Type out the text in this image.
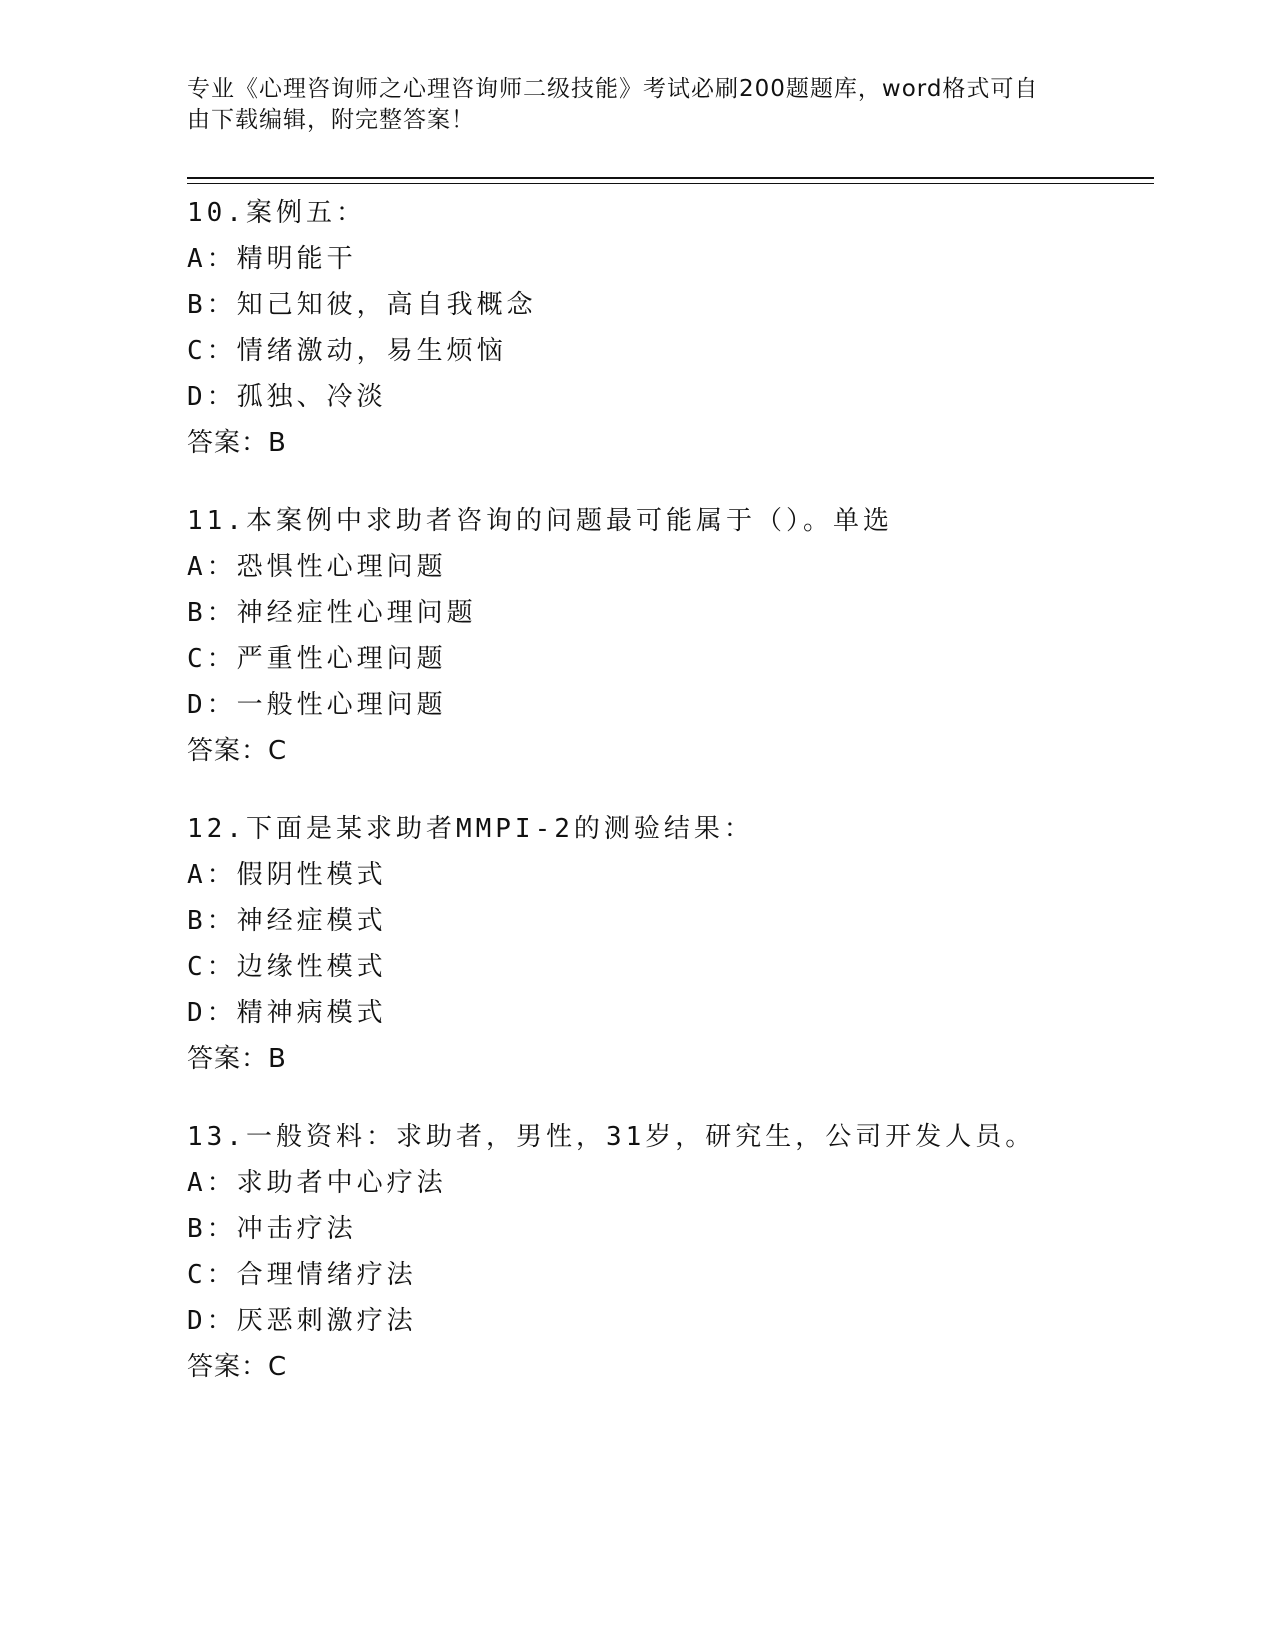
专业《心理咨询师之心理咨询师二级技能》考试必刷200题题库，word格式可自
由下载编辑，附完整答案！
10.案例五：
A：精明能干
B：知己知彼，高自我概念
C：情绪激动，易生烦恼
D：孤独、冷淡
答案：B
11.本案例中求助者咨询的问题最可能属于（）。单选
A：恐惧性心理问题
B：神经症性心理问题
C：严重性心理问题
D：一般性心理问题
答案：C
12.下面是某求助者MMPI-2的测验结果：
A：假阴性模式
B：神经症模式
C：边缘性模式
D：精神病模式
答案：B
13.一般资料：求助者，男性，31岁，研究生，公司开发人员。
A：求助者中心疗法
B：冲击疗法
C：合理情绪疗法
D：厌恶刺激疗法
答案：C
